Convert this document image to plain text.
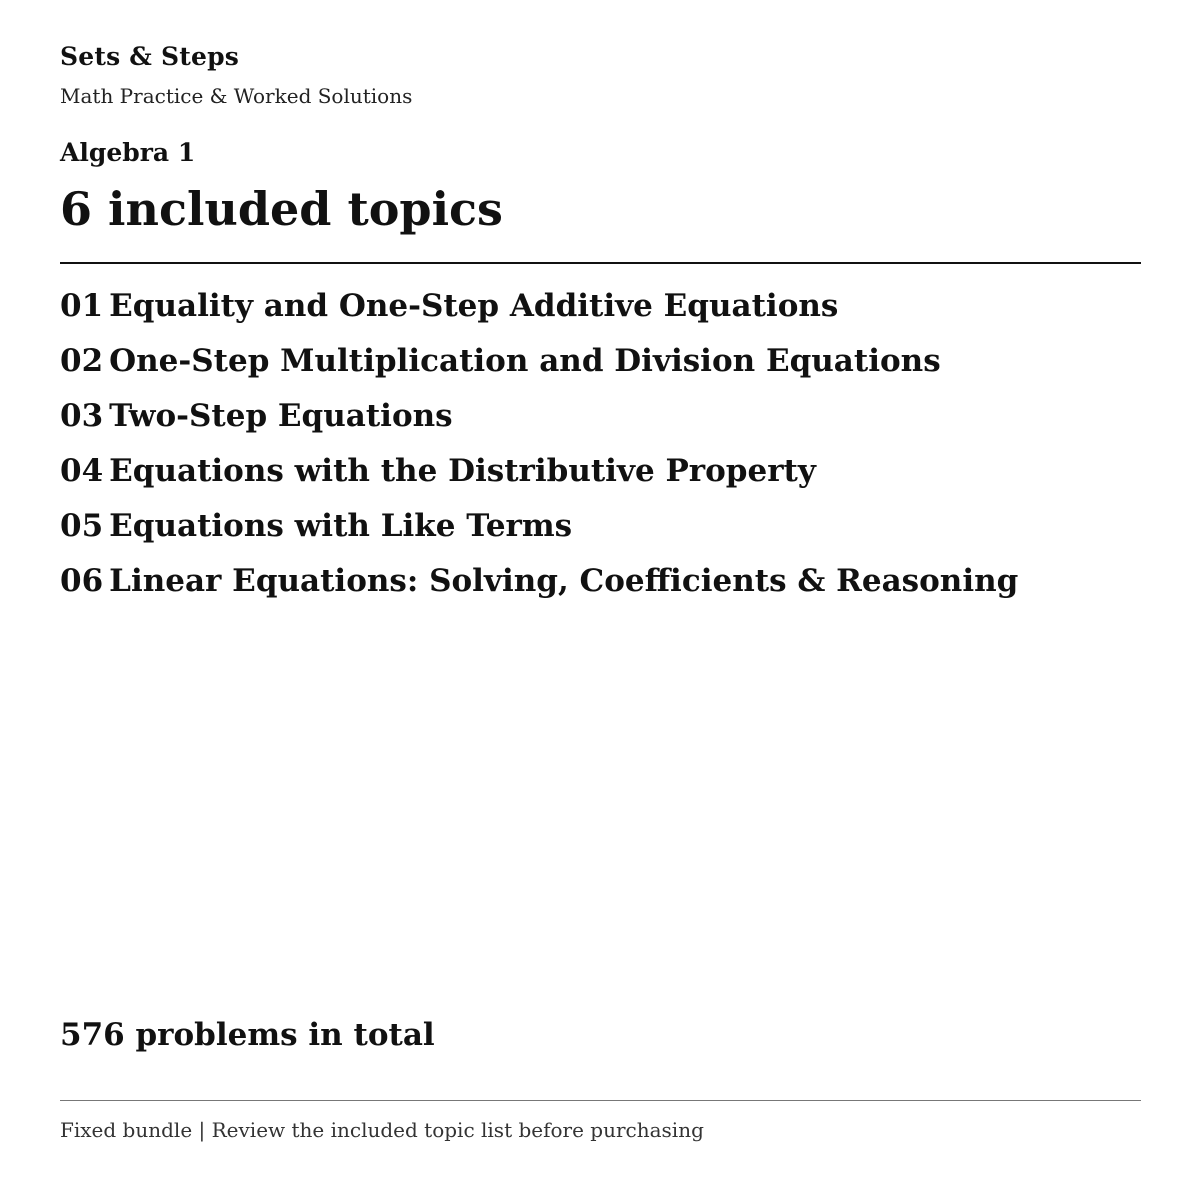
Sets & Steps
Math Practice & Worked Solutions
Algebra 1
6 included topics
01 Equality and One-Step Additive Equations
02 One-Step Multiplication and Division Equations
03 Two-Step Equations
04 Equations with the Distributive Property
05 Equations with Like Terms
06 Linear Equations: Solving, Coefficients & Reasoning
576 problems in total
Fixed bundle | Review the included topic list before purchasing
